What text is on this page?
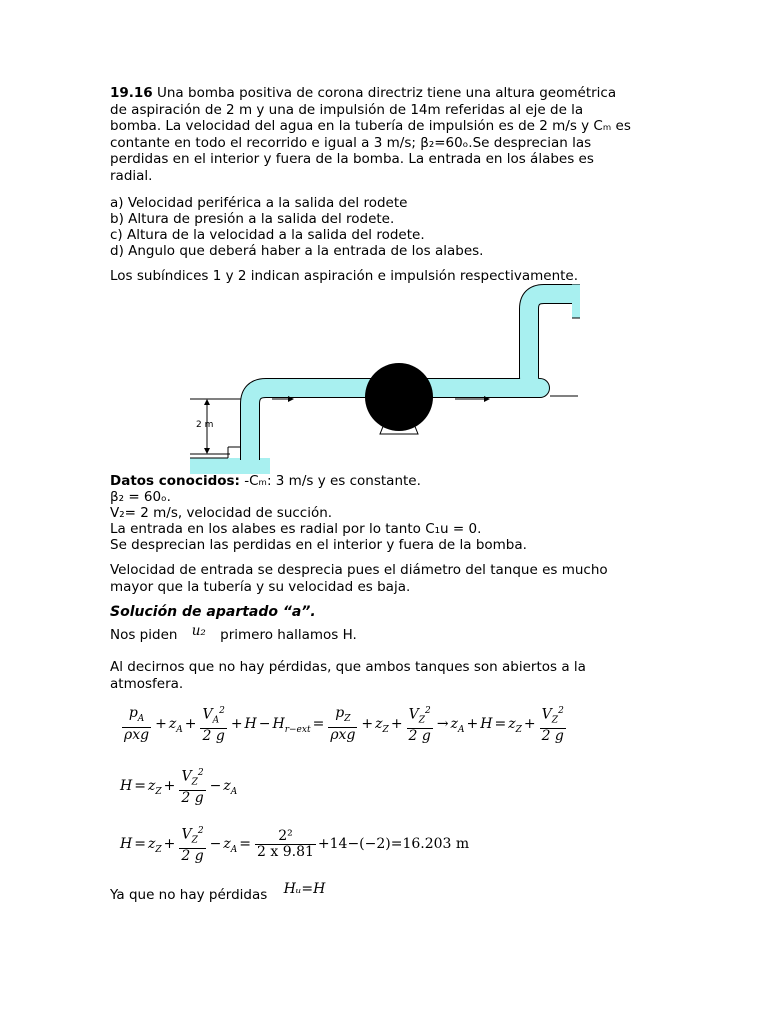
19.16 Una bomba positiva de corona directriz tiene una altura geométrica
de aspiración de 2 m y una de impulsión de 14m referidas al eje de la
bomba. La velocidad del agua en la tubería de impulsión es de 2 m/s y Cₘ es
contante en todo el recorrido e igual a 3 m/s; β₂=60ₒ.Se desprecian las
perdidas en el interior y fuera de la bomba. La entrada en los álabes es
radial.
a) Velocidad periférica a la salida del rodete
b) Altura de presión a la salida del rodete.
c) Altura de la velocidad a la salida del rodete.
d) Angulo que deberá haber a la entrada de los alabes.
Los subíndices 1 y 2 indican aspiración e impulsión respectivamente.
2 m
Datos conocidos: -Cₘ: 3 m/s y es constante.
β₂ = 60ₒ.
V₂= 2 m/s, velocidad de succión.
La entrada en los alabes es radial por lo tanto C₁u = 0.
Se desprecian las perdidas en el interior y fuera de la bomba.
Velocidad de entrada se desprecia pues el diámetro del tanque es mucho
mayor que la tubería y su velocidad es baja.
Solución de apartado “a”.
Nos piden u₂ primero hallamos H.
Al decirnos que no hay pérdidas, que ambos tanques son abiertos a la
atmosfera.
$\frac{p_A}{\text{ρxg}} + z_A + \frac{V_A^2}{2 g} + H - H_{r-ext} = \frac{p_Z}{\text{ρxg}} + z_Z + \frac{V_Z^2}{2 g} \to z_A + H = z_Z + \frac{V_Z^2}{2 g}$
$H = z_Z + \frac{V_Z^2}{2 g} - z_A$
$H = z_Z + \frac{V_Z^2}{2 g} - z_A = \frac{\text{2²}}{2 x 9.81} +14-(-2)=16.203$ m
Ya que no hay pérdidas Hᵤ=H
